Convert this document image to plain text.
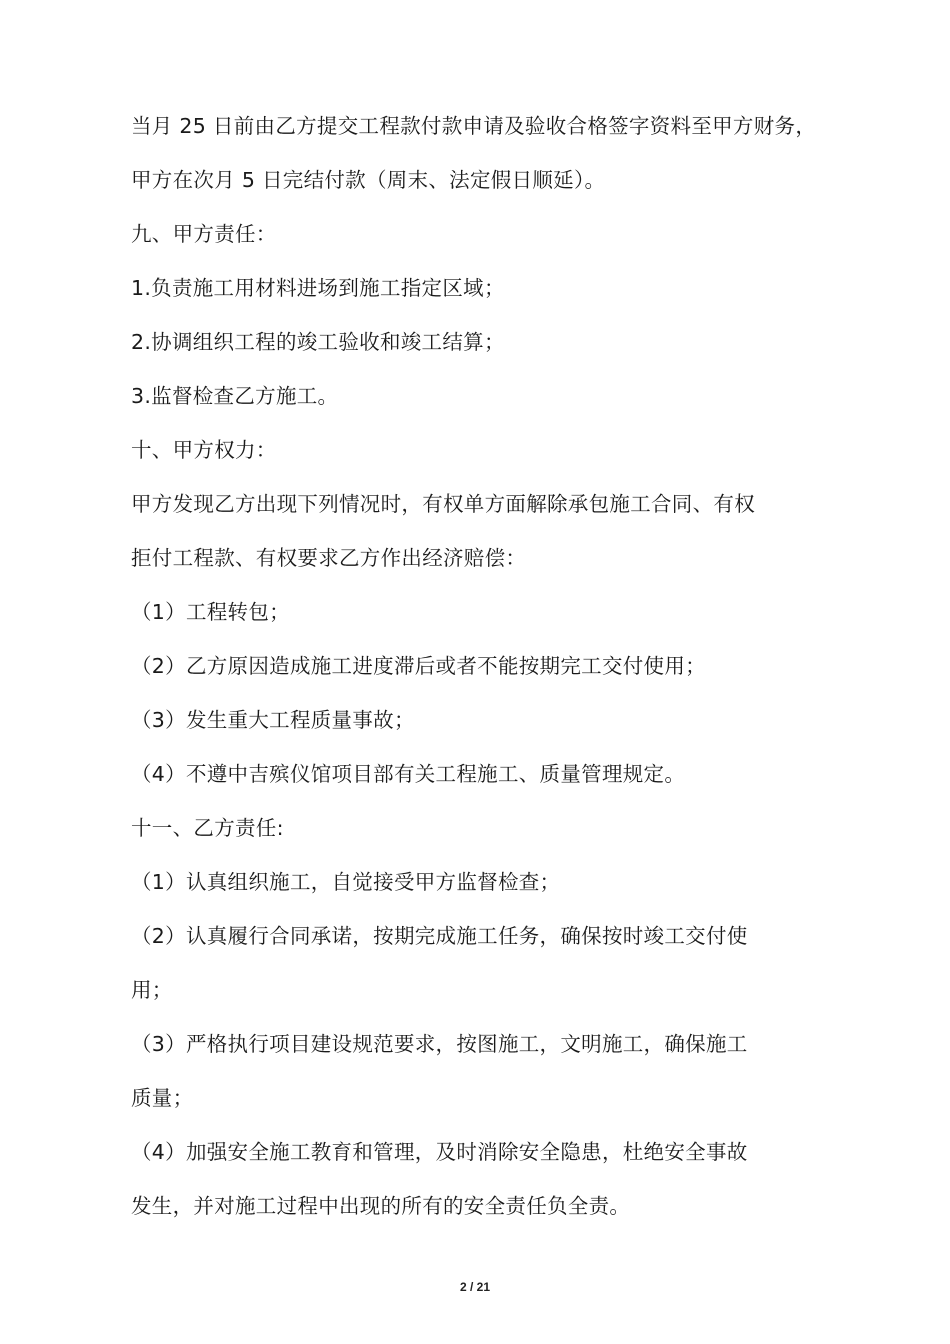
当月 25 日前由乙方提交工程款付款申请及验收合格签字资料至甲方财务，
甲方在次月 5 日完结付款（周末、法定假日顺延）。
九、甲方责任：
1.负责施工用材料进场到施工指定区域；
2.协调组织工程的竣工验收和竣工结算；
3.监督检查乙方施工。
十、甲方权力：
甲方发现乙方出现下列情况时，有权单方面解除承包施工合同、有权
拒付工程款、有权要求乙方作出经济赔偿：
（1）工程转包；
（2）乙方原因造成施工进度滞后或者不能按期完工交付使用；
（3）发生重大工程质量事故；
（4）不遵中吉殡仪馆项目部有关工程施工、质量管理规定。
十一、乙方责任:
（1）认真组织施工，自觉接受甲方监督检查；
（2）认真履行合同承诺，按期完成施工任务，确保按时竣工交付使
用；
（3）严格执行项目建设规范要求，按图施工，文明施工，确保施工
质量；
（4）加强安全施工教育和管理，及时消除安全隐患，杜绝安全事故
发生，并对施工过程中出现的所有的安全责任负全责。
2 / 21
